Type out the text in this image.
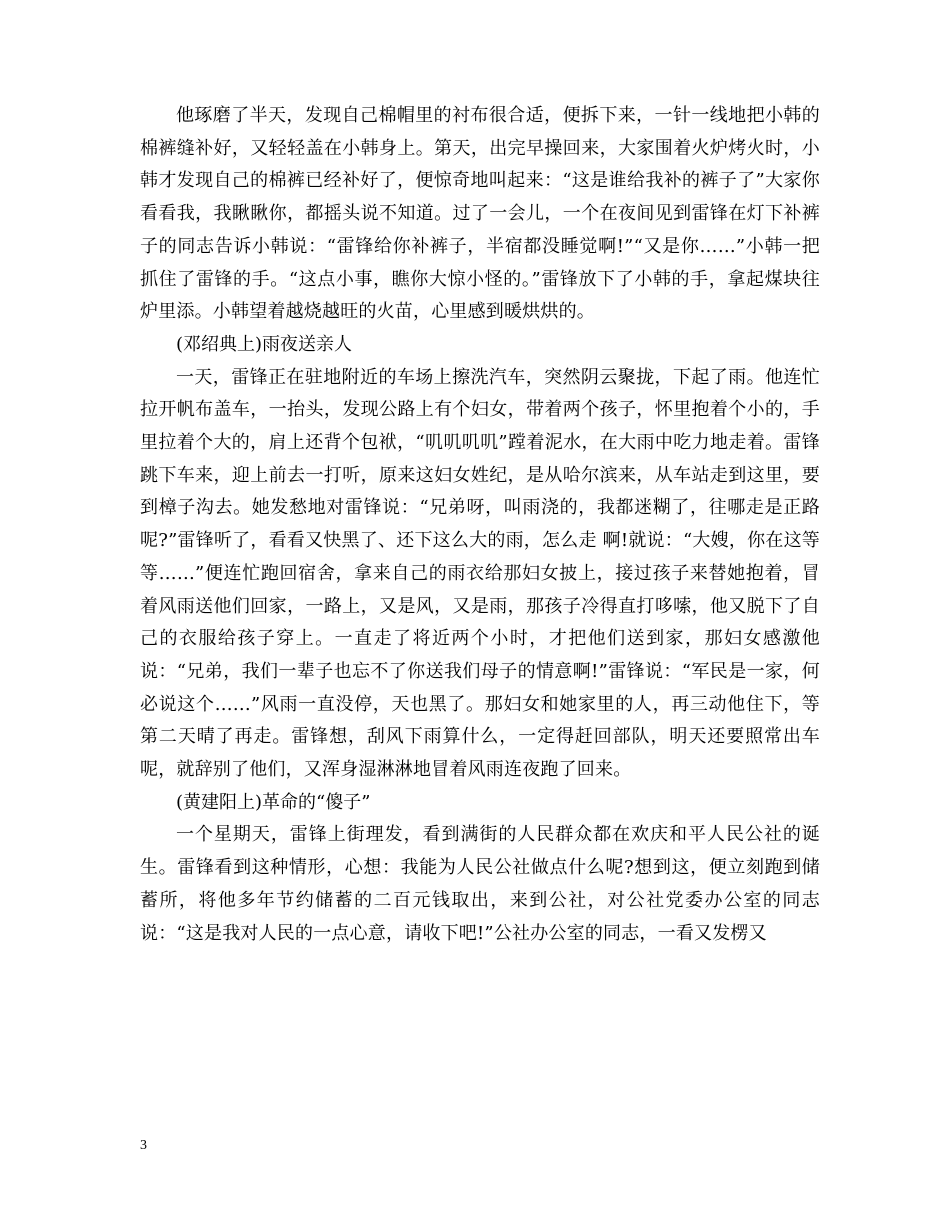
他琢磨了半天，发现自己棉帽里的衬布很合适，便拆下来，一针一线地把小韩的棉裤缝补好，又轻轻盖在小韩身上。第天，出完早操回来，大家围着火炉烤火时，小韩才发现自己的棉裤已经补好了，便惊奇地叫起来：“这是谁给我补的裤子了”大家你看看我，我瞅瞅你，都摇头说不知道。过了一会儿，一个在夜间见到雷锋在灯下补裤子的同志告诉小韩说：“雷锋给你补裤子，半宿都没睡觉啊!”“又是你……”小韩一把抓住了雷锋的手。“这点小事，瞧你大惊小怪的。”雷锋放下了小韩的手，拿起煤块往炉里添。小韩望着越烧越旺的火苗，心里感到暖烘烘的。

(邓绍典上)雨夜送亲人

一天，雷锋正在驻地附近的车场上擦洗汽车，突然阴云聚拢，下起了雨。他连忙拉开帆布盖车，一抬头，发现公路上有个妇女，带着两个孩子，怀里抱着个小的，手里拉着个大的，肩上还背个包袱，“叽叽叽叽”蹚着泥水，在大雨中吃力地走着。雷锋跳下车来，迎上前去一打听，原来这妇女姓纪，是从哈尔滨来，从车站走到这里，要到樟子沟去。她发愁地对雷锋说：“兄弟呀，叫雨浇的，我都迷糊了，往哪走是正路呢?”雷锋听了，看看又快黑了、还下这么大的雨，怎么走 啊!就说：“大嫂，你在这等等……”便连忙跑回宿舍，拿来自己的雨衣给那妇女披上，接过孩子来替她抱着，冒着风雨送他们回家，一路上，又是风，又是雨，那孩子冷得直打哆嗦，他又脱下了自己的衣服给孩子穿上。一直走了将近两个小时，才把他们送到家，那妇女感激他说：“兄弟，我们一辈子也忘不了你送我们母子的情意啊!”雷锋说：“军民是一家，何必说这个……”风雨一直没停，天也黑了。那妇女和她家里的人，再三动他住下，等第二天晴了再走。雷锋想，刮风下雨算什么，一定得赶回部队，明天还要照常出车呢，就辞别了他们，又浑身湿淋淋地冒着风雨连夜跑了回来。

(黄建阳上)革命的“傻子”

一个星期天，雷锋上街理发，看到满街的人民群众都在欢庆和平人民公社的诞生。雷锋看到这种情形，心想：我能为人民公社做点什么呢?想到这，便立刻跑到储蓄所，将他多年节约储蓄的二百元钱取出，来到公社，对公社党委办公室的同志说：“这是我对人民的一点心意，请收下吧!”公社办公室的同志，一看又发楞又

3
